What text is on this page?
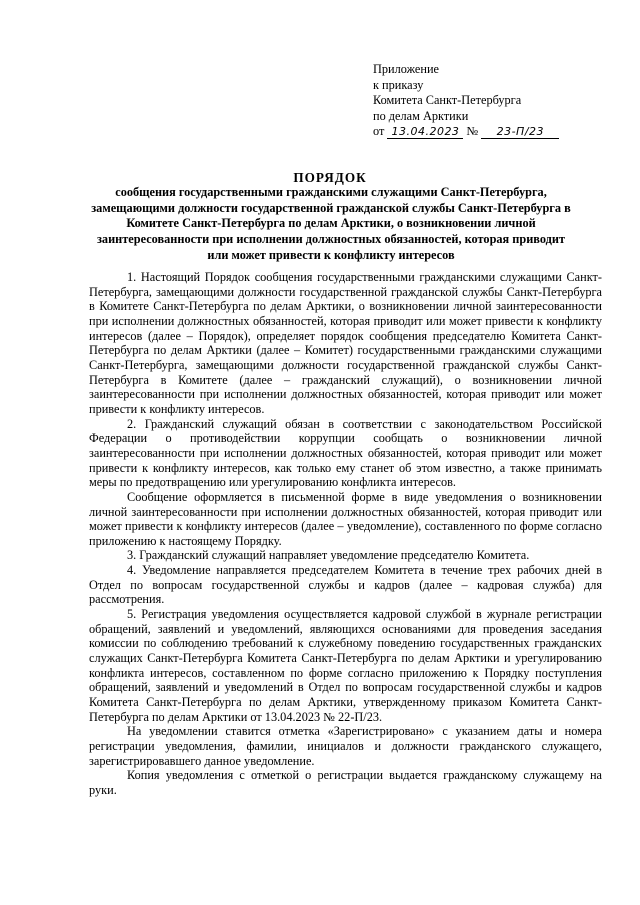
Приложение
к приказу
Комитета Санкт-Петербурга
по делам Арктики
от 13.04.2023 № 23-П/23
ПОРЯДОК
сообщения государственными гражданскими служащими Санкт-Петербурга, замещающими должности государственной гражданской службы Санкт-Петербурга в Комитете Санкт-Петербурга по делам Арктики, о возникновении личной заинтересованности при исполнении должностных обязанностей, которая приводит или может привести к конфликту интересов

1. Настоящий Порядок сообщения государственными гражданскими служащими Санкт-Петербурга, замещающими должности государственной гражданской службы Санкт-Петербурга в Комитете Санкт-Петербурга по делам Арктики, о возникновении личной заинтересованности при исполнении должностных обязанностей, которая приводит или может привести к конфликту интересов (далее – Порядок), определяет порядок сообщения председателю Комитета Санкт-Петербурга по делам Арктики (далее – Комитет) государственными гражданскими служащими Санкт-Петербурга, замещающими должности государственной гражданской службы Санкт-Петербурга в Комитете (далее – гражданский служащий), о возникновении личной заинтересованности при исполнении должностных обязанностей, которая приводит или может привести к конфликту интересов.

2. Гражданский служащий обязан в соответствии с законодательством Российской Федерации о противодействии коррупции сообщать о возникновении личной заинтересованности при исполнении должностных обязанностей, которая приводит или может привести к конфликту интересов, как только ему станет об этом известно, а также принимать меры по предотвращению или урегулированию конфликта интересов.

Сообщение оформляется в письменной форме в виде уведомления о возникновении личной заинтересованности при исполнении должностных обязанностей, которая приводит или может привести к конфликту интересов (далее – уведомление), составленного по форме согласно приложению к настоящему Порядку.

3. Гражданский служащий направляет уведомление председателю Комитета.

4. Уведомление направляется председателем Комитета в течение трех рабочих дней в Отдел по вопросам государственной службы и кадров (далее – кадровая служба) для рассмотрения.

5. Регистрация уведомления осуществляется кадровой службой в журнале регистрации обращений, заявлений и уведомлений, являющихся основаниями для проведения заседания комиссии по соблюдению требований к служебному поведению государственных гражданских служащих Санкт-Петербурга Комитета Санкт-Петербурга по делам Арктики и урегулированию конфликта интересов, составленном по форме согласно приложению к Порядку поступления обращений, заявлений и уведомлений в Отдел по вопросам государственной службы и кадров Комитета Санкт-Петербурга по делам Арктики, утвержденному приказом Комитета Санкт-Петербурга по делам Арктики от 13.04.2023 № 22-П/23.

На уведомлении ставится отметка «Зарегистрировано» с указанием даты и номера регистрации уведомления, фамилии, инициалов и должности гражданского служащего, зарегистрировавшего данное уведомление.

Копия уведомления с отметкой о регистрации выдается гражданскому служащему на руки.
